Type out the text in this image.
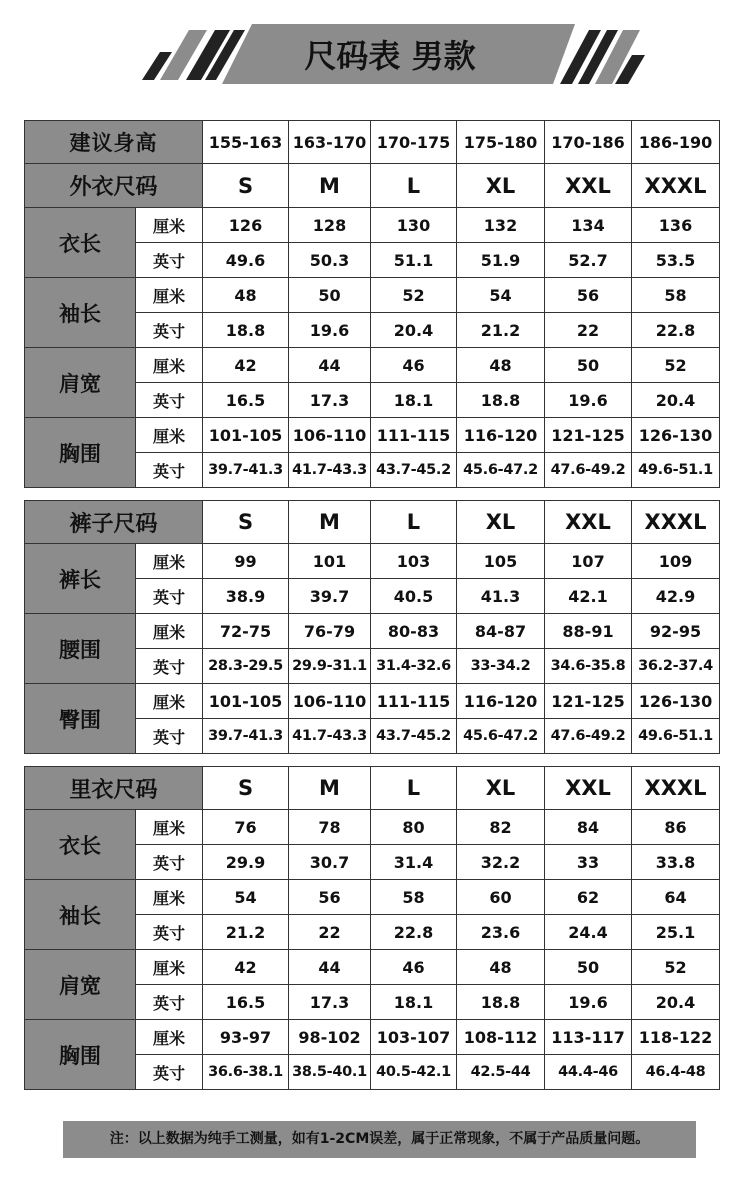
尺码表 男款
建议身高		155-163	163-170	170-175	175-180	170-186	186-190
外衣尺码		S	M	L	XL	XXL	XXXL
衣长	厘米	126	128	130	132	134	136
	英寸	49.6	50.3	51.1	51.9	52.7	53.5
袖长	厘米	48	50	52	54	56	58
	英寸	18.8	19.6	20.4	21.2	22	22.8
肩宽	厘米	42	44	46	48	50	52
	英寸	16.5	17.3	18.1	18.8	19.6	20.4
胸围	厘米	101-105	106-110	111-115	116-120	121-125	126-130
	英寸	39.7-41.3	41.7-43.3	43.7-45.2	45.6-47.2	47.6-49.2	49.6-51.1
裤子尺码		S	M	L	XL	XXL	XXXL
裤长	厘米	99	101	103	105	107	109
	英寸	38.9	39.7	40.5	41.3	42.1	42.9
腰围	厘米	72-75	76-79	80-83	84-87	88-91	92-95
	英寸	28.3-29.5	29.9-31.1	31.4-32.6	33-34.2	34.6-35.8	36.2-37.4
臀围	厘米	101-105	106-110	111-115	116-120	121-125	126-130
	英寸	39.7-41.3	41.7-43.3	43.7-45.2	45.6-47.2	47.6-49.2	49.6-51.1
里衣尺码		S	M	L	XL	XXL	XXXL
衣长	厘米	76	78	80	82	84	86
	英寸	29.9	30.7	31.4	32.2	33	33.8
袖长	厘米	54	56	58	60	62	64
	英寸	21.2	22	22.8	23.6	24.4	25.1
肩宽	厘米	42	44	46	48	50	52
	英寸	16.5	17.3	18.1	18.8	19.6	20.4
胸围	厘米	93-97	98-102	103-107	108-112	113-117	118-122
	英寸	36.6-38.1	38.5-40.1	40.5-42.1	42.5-44	44.4-46	46.4-48
注：以上数据为纯手工测量，如有1-2CM误差，属于正常现象，不属于产品质量问题。
